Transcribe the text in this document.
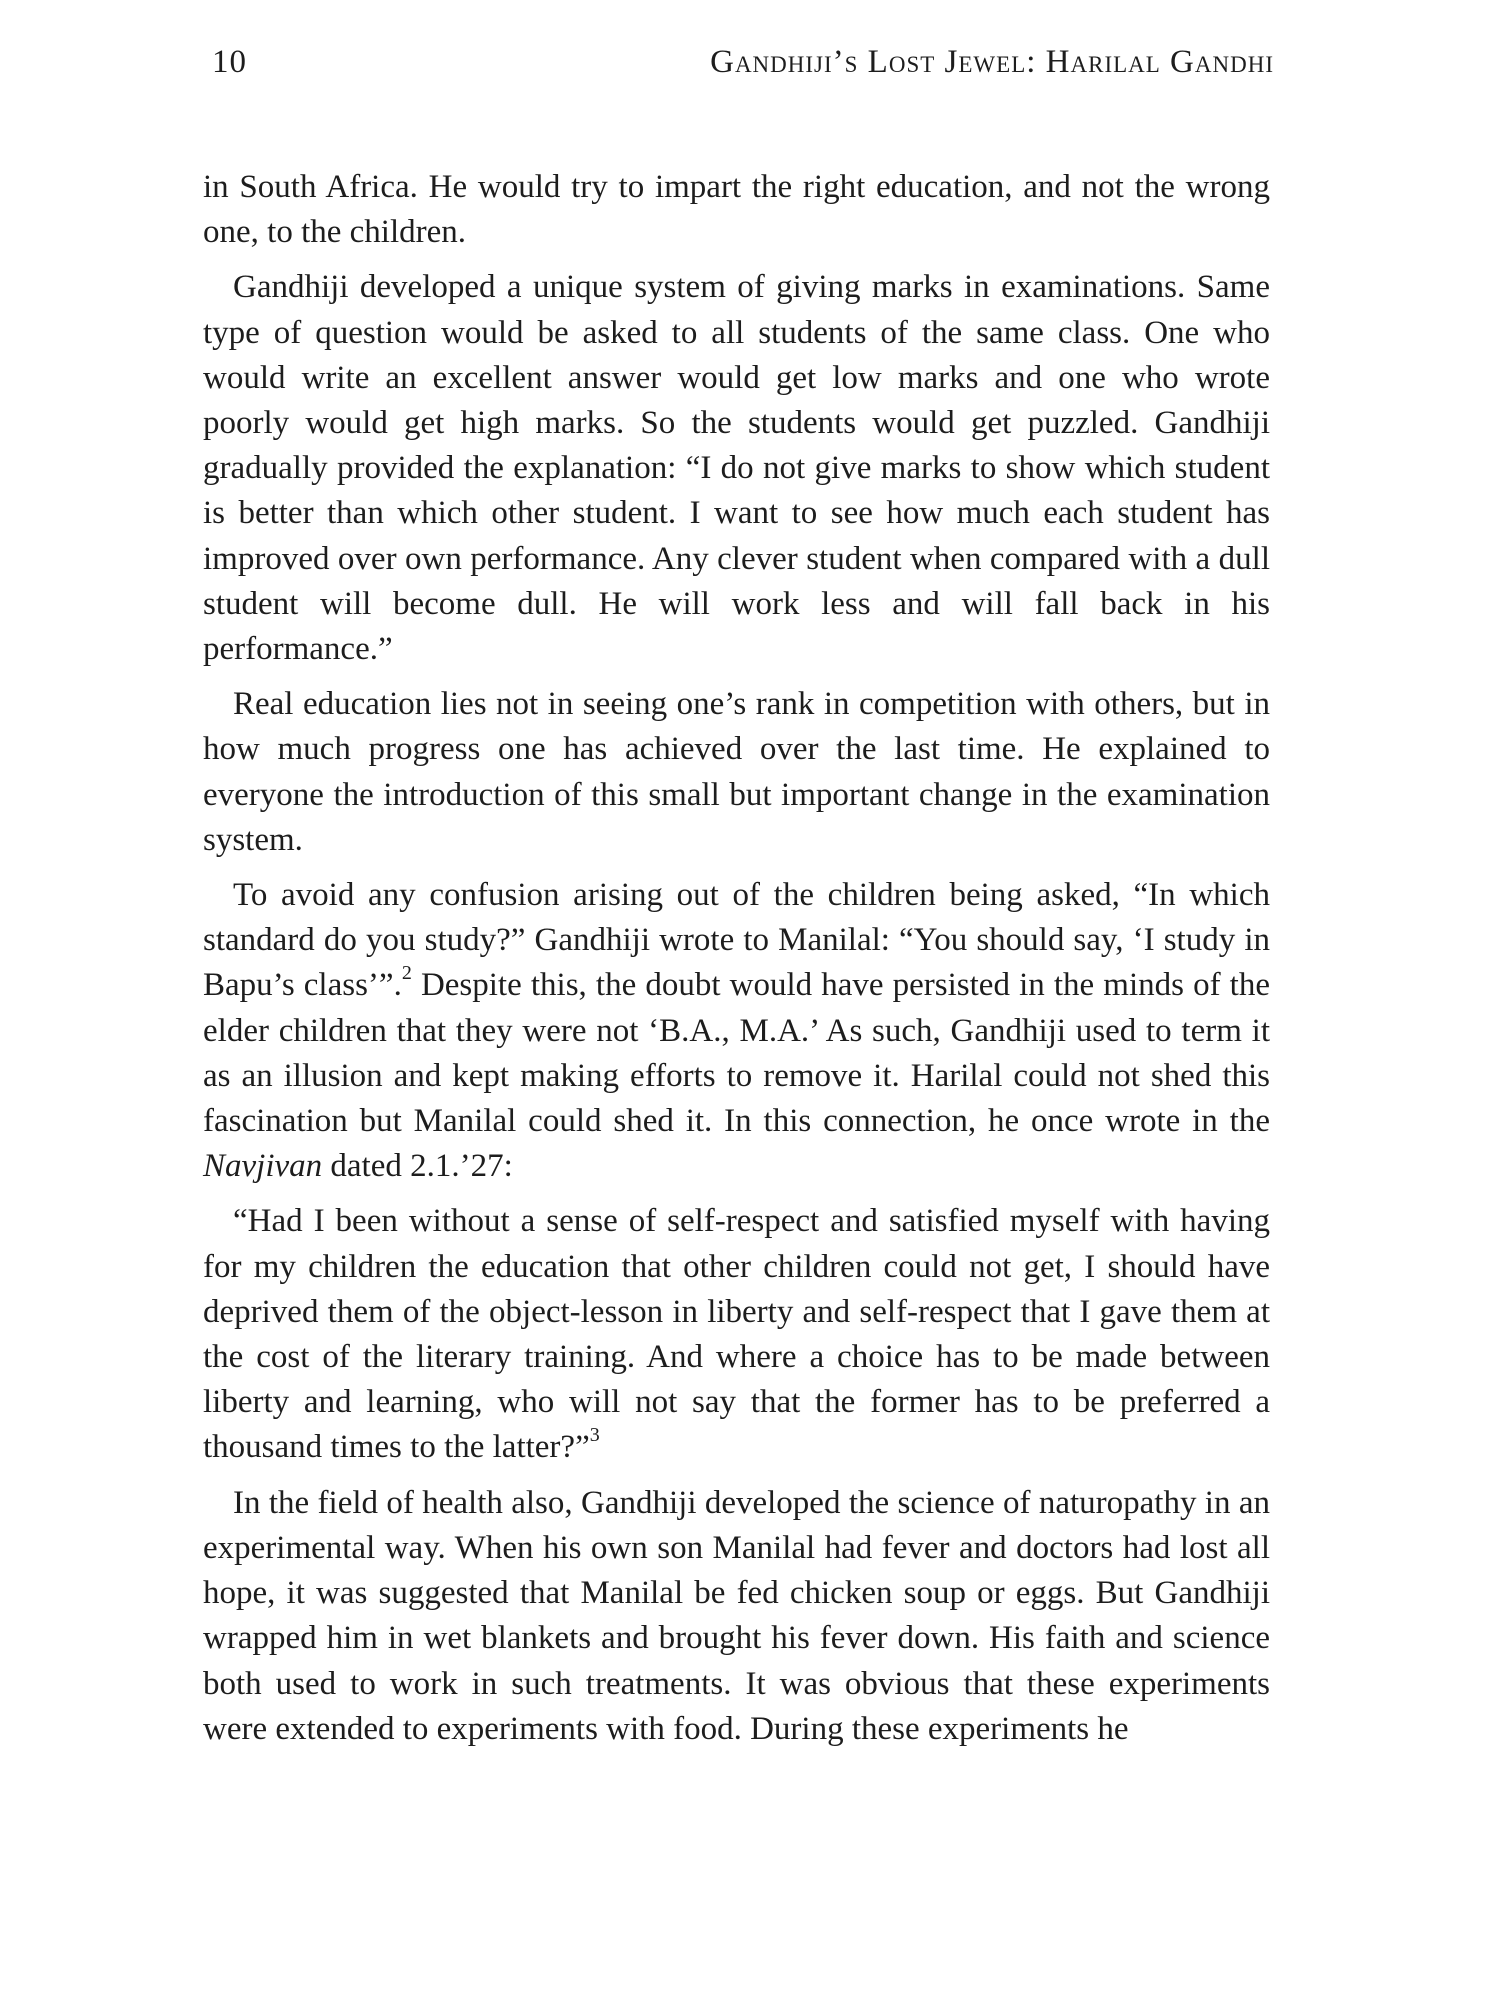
10	Gandhiji’s Lost Jewel: Harilal Gandhi

in South Africa. He would try to impart the right education, and not the wrong one, to the children.

Gandhiji developed a unique system of giving marks in examinations. Same type of question would be asked to all students of the same class. One who would write an excellent answer would get low marks and one who wrote poorly would get high marks. So the students would get puzzled. Gandhiji gradually provided the explanation: “I do not give marks to show which student is better than which other student. I want to see how much each student has improved over own performance. Any clever student when compared with a dull student will become dull. He will work less and will fall back in his performance.”

Real education lies not in seeing one’s rank in competition with others, but in how much progress one has achieved over the last time. He explained to everyone the introduction of this small but important change in the examination system.

To avoid any confusion arising out of the children being asked, “In which standard do you study?” Gandhiji wrote to Manilal: “You should say, ‘I study in Bapu’s class’”.$^2$ Despite this, the doubt would have persisted in the minds of the elder children that they were not ‘B.A., M.A.’ As such, Gandhiji used to term it as an illusion and kept making efforts to remove it. Harilal could not shed this fascination but Manilal could shed it. In this connection, he once wrote in the Navjivan dated 2.1.’27:

“Had I been without a sense of self-respect and satisfied myself with having for my children the education that other children could not get, I should have deprived them of the object-lesson in liberty and self-respect that I gave them at the cost of the literary training. And where a choice has to be made between liberty and learning, who will not say that the former has to be preferred a thousand times to the latter?”$^3$

In the field of health also, Gandhiji developed the science of naturopathy in an experimental way. When his own son Manilal had fever and doctors had lost all hope, it was suggested that Manilal be fed chicken soup or eggs. But Gandhiji wrapped him in wet blankets and brought his fever down. His faith and science both used to work in such treatments. It was obvious that these experiments were extended to experiments with food. During these experiments he
